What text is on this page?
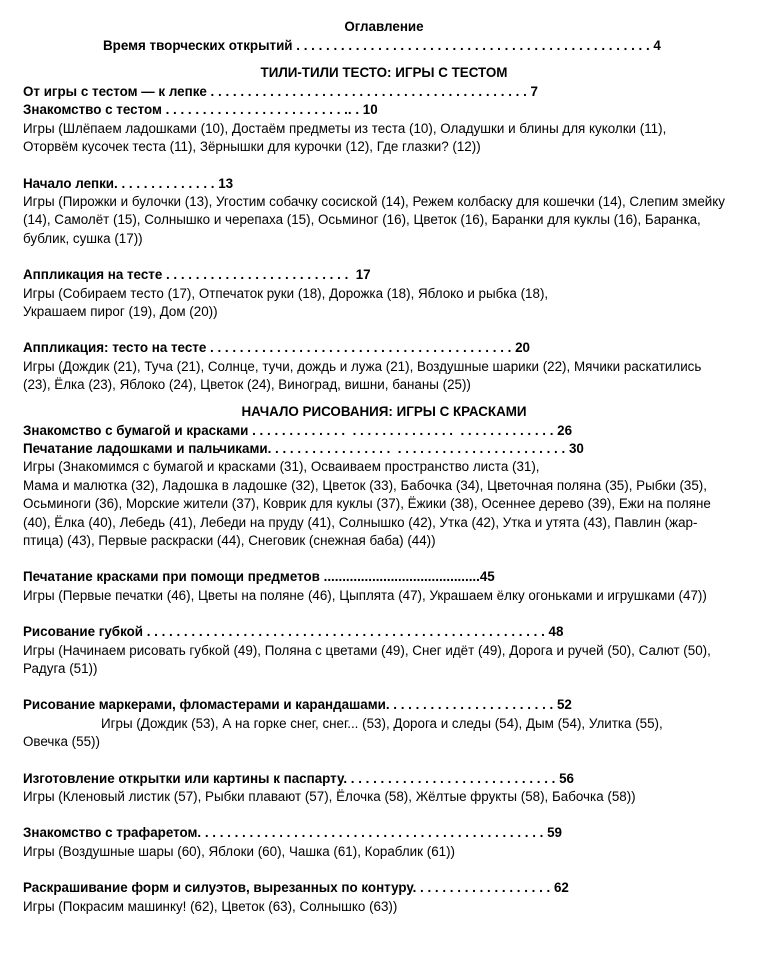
Оглавление
Время творческих открытий . . . . . . . . . . . . . . . . . . . . . . . . . . . . . . . . . . . . . . . . . . . . . . . . 4
ТИЛИ-ТИЛИ ТЕСТО: ИГРЫ С ТЕСТОМ
От игры с тестом — к лепке . . . . . . . . . . . . . . . . . . . . . . . . . . . . . . . . . . . . . . . . . . . 7
Знакомство с тестом . . . . . . . . . . . . . . . . . . . . . . . . .. . 10
Игры (Шлёпаем ладошками (10), Достаём предметы из теста (10), Оладушки и блины для куколки (11),
Оторвём кусочек теста (11), Зёрнышки для курочки (12), Где глазки? (12))
Начало лепки. . . . . . . . . . . . . . 13
Игры (Пирожки и булочки (13), Угостим собачку сосиской (14), Режем колбаску для кошечки (14), Слепим змейку
(14), Самолёт (15), Солнышко и черепаха (15), Осьминог (16), Цветок (16), Баранки для куклы (16), Баранка,
бублик, сушка (17))
Аппликация на тесте . . . . . . . . . . . . . . . . . . . . . . . . .  17
Игры (Собираем тесто (17), Отпечаток руки (18), Дорожка (18), Яблоко и рыбка (18),
Украшаем пирог (19), Дом (20))
Аппликация: тесто на тесте . . . . . . . . . . . . . . . . . . . . . . . . . . . . . . . . . . . . . . . . . 20
Игры (Дождик (21), Туча (21), Солнце, тучи, дождь и лужа (21), Воздушные шарики (22), Мячики раскатились
(23), Ёлка (23), Яблоко (24), Цветок (24), Виноград, вишни, бананы (25))
НАЧАЛО РИСОВАНИЯ: ИГРЫ С КРАСКАМИ
Знакомство с бумагой и красками . . . . . . . . . . . . .  . . . . . . . . . . . . . .  . . . . . . . . . . . . . 26
Печатание ладошками и пальчиками. . . . . . . . . . . . . . . . .  . . . . . . . . . . . . . . . . . . . . . . . 30
Игры (Знакомимся с бумагой и красками (31), Осваиваем пространство листа (31),
Мама и малютка (32), Ладошка в ладошке (32), Цветок (33), Бабочка (34), Цветочная поляна (35), Рыбки (35),
Осьминоги (36), Морские жители (37), Коврик для куклы (37), Ёжики (38), Осеннее дерево (39), Ежи на поляне
(40), Ёлка (40), Лебедь (41), Лебеди на пруду (41), Солнышко (42), Утка (42), Утка и утята (43), Павлин (жар-
птица) (43), Первые раскраски (44), Снеговик (снежная баба) (44))
Печатание красками при помощи предметов ..........................................45
Игры (Первые печатки (46), Цветы на поляне (46), Цыплята (47), Украшаем ёлку огоньками и игрушками (47))
Рисование губкой . . . . . . . . . . . . . . . . . . . . . . . . . . . . . . . . . . . . . . . . . . . . . . . . . . . . . . 48
Игры (Начинаем рисовать губкой (49), Поляна с цветами (49), Снег идёт (49), Дорога и ручей (50), Салют (50),
Радуга (51))
Рисование маркерами, фломастерами и карандашами. . . . . . . . . . . . . . . . . . . . . . . 52
Игры (Дождик (53), А на горке снег, снег... (53), Дорога и следы (54), Дым (54), Улитка (55),
Овечка (55))
Изготовление открытки или картины к паспарту. . . . . . . . . . . . . . . . . . . . . . . . . . . . . 56
Игры (Кленовый листик (57), Рыбки плавают (57), Ёлочка (58), Жёлтые фрукты (58), Бабочка (58))
Знакомство с трафаретом. . . . . . . . . . . . . . . . . . . . . . . . . . . . . . . . . . . . . . . . . . . . . . . 59
Игры (Воздушные шары (60), Яблоки (60), Чашка (61), Кораблик (61))
Раскрашивание форм и силуэтов, вырезанных по контуру. . . . . . . . . . . . . . . . . . . 62
Игры (Покрасим машинку! (62), Цветок (63), Солнышко (63))
